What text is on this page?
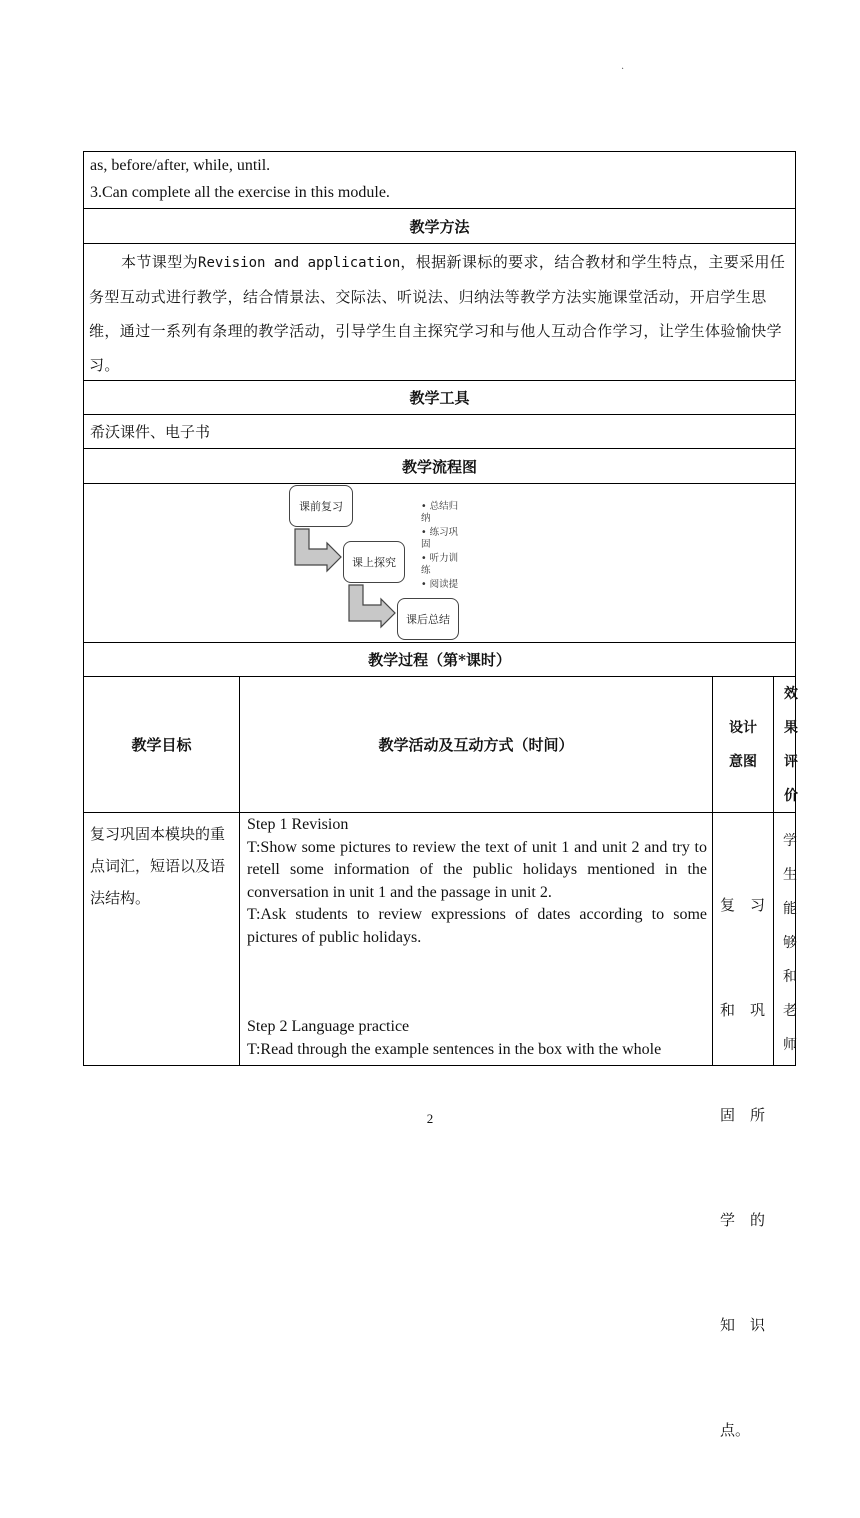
·
as, before/after, while, until.
3.Can complete all the exercise in this module.
教学方法
本节课型为Revision and application，根据新课标的要求，结合教材和学生特点，主要采用任务型互动式进行教学，结合情景法、交际法、听说法、归纳法等教学方法实施课堂活动，开启学生思维，通过一系列有条理的教学活动，引导学生自主探究学习和与他人互动合作学习，让学生体验愉快学习。
教学工具
希沃课件、电子书
教学流程图
课前复习
课上探究
课后总结
• 总结归纳
• 练习巩固
• 听力训练
• 阅读提
教学过程（第*课时）
教学目标	教学活动及互动方式（时间）
设计
意图
效
果
评
价
复习巩固本模块的重点词汇，短语以及语法结构。
Step 1 Revision
T:Show some pictures to review the text of unit 1 and unit 2 and try to retell some information of the public holidays mentioned in the conversation in unit 1 and the passage in unit 2.
T:Ask students to review expressions of dates according to some pictures of public holidays.
Step 2 Language practice
T:Read through the example sentences in the box with the whole

复　习

和　巩

固　所

学　的

知　识

点。

学
生
能
够
和
老
师
2
